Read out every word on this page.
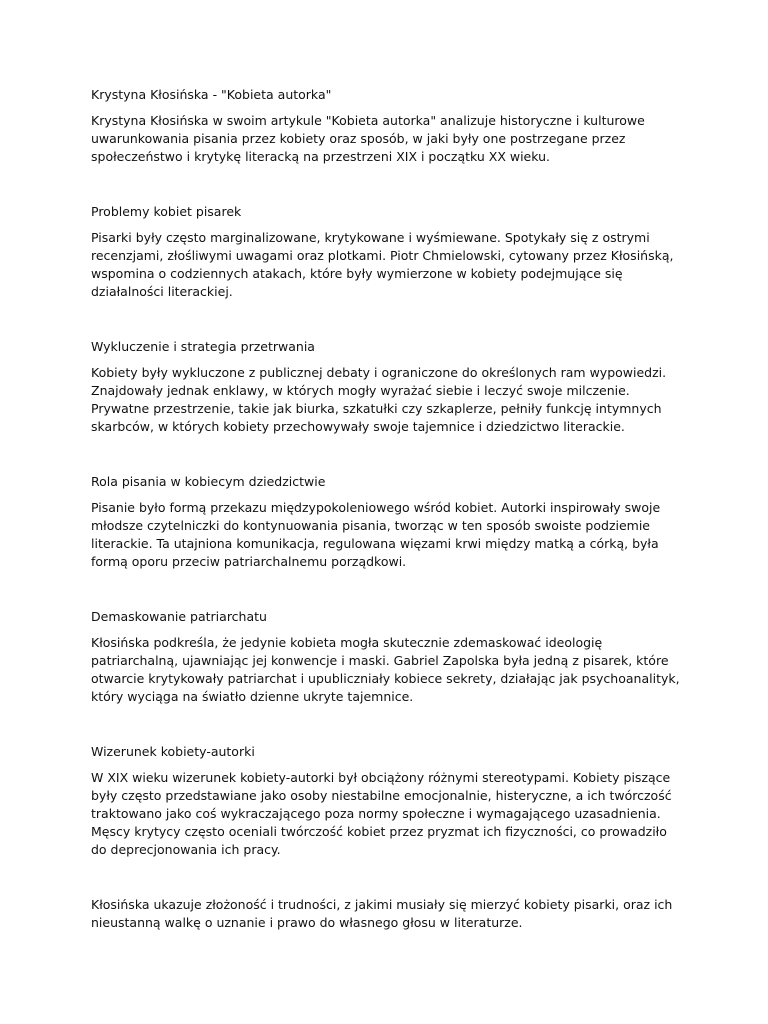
Krystyna Kłosińska - "Kobieta autorka"

Krystyna Kłosińska w swoim artykule "Kobieta autorka" analizuje historyczne i kulturowe uwarunkowania pisania przez kobiety oraz sposób, w jaki były one postrzegane przez społeczeństwo i krytykę literacką na przestrzeni XIX i początku XX wieku.

Problemy kobiet pisarek

Pisarki były często marginalizowane, krytykowane i wyśmiewane. Spotykały się z ostrymi recenzjami, złośliwymi uwagami oraz plotkami. Piotr Chmielowski, cytowany przez Kłosińską, wspomina o codziennych atakach, które były wymierzone w kobiety podejmujące się działalności literackiej.

Wykluczenie i strategia przetrwania

Kobiety były wykluczone z publicznej debaty i ograniczone do określonych ram wypowiedzi. Znajdowały jednak enklawy, w których mogły wyrażać siebie i leczyć swoje milczenie. Prywatne przestrzenie, takie jak biurka, szkatułki czy szkaplerze, pełniły funkcję intymnych skarbców, w których kobiety przechowywały swoje tajemnice i dziedzictwo literackie.

Rola pisania w kobiecym dziedzictwie

Pisanie było formą przekazu międzypokoleniowego wśród kobiet. Autorki inspirowały swoje młodsze czytelniczki do kontynuowania pisania, tworząc w ten sposób swoiste podziemie literackie. Ta utajniona komunikacja, regulowana więzami krwi między matką a córką, była formą oporu przeciw patriarchalnemu porządkowi.

Demaskowanie patriarchatu

Kłosińska podkreśla, że jedynie kobieta mogła skutecznie zdemaskować ideologię patriarchalną, ujawniając jej konwencje i maski. Gabriel Zapolska była jedną z pisarek, które otwarcie krytykowały patriarchat i upubliczniały kobiece sekrety, działając jak psychoanalityk, który wyciąga na światło dzienne ukryte tajemnice.

Wizerunek kobiety-autorki

W XIX wieku wizerunek kobiety-autorki był obciążony różnymi stereotypami. Kobiety piszące były często przedstawiane jako osoby niestabilne emocjonalnie, histeryczne, a ich twórczość traktowano jako coś wykraczającego poza normy społeczne i wymagającego uzasadnienia. Męscy krytycy często oceniali twórczość kobiet przez pryzmat ich fizyczności, co prowadziło do deprecjonowania ich pracy.

Kłosińska ukazuje złożoność i trudności, z jakimi musiały się mierzyć kobiety pisarki, oraz ich nieustanną walkę o uznanie i prawo do własnego głosu w literaturze.
